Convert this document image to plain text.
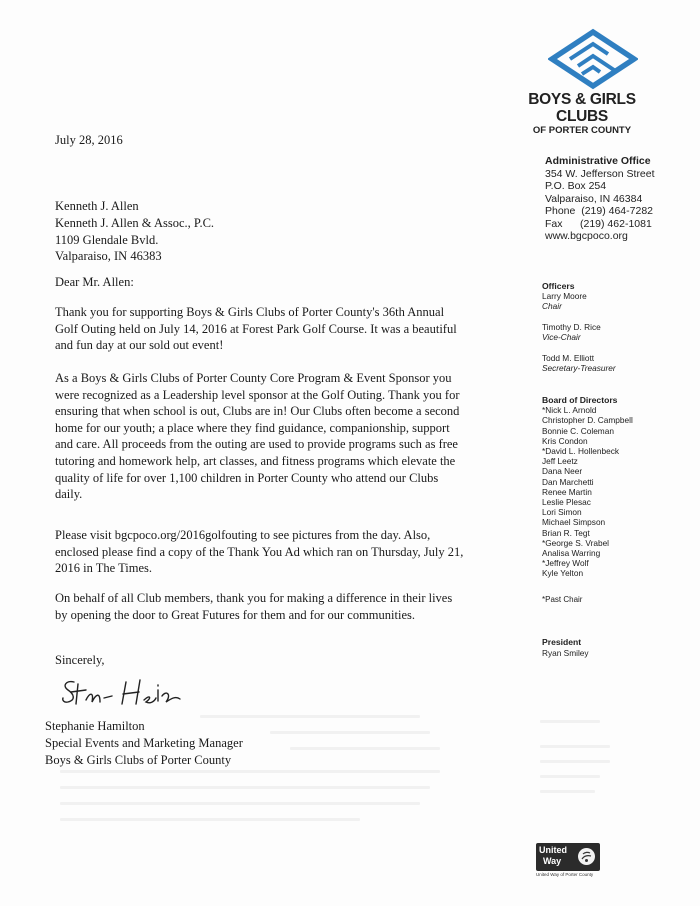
BOYS & GIRLS CLUBS
OF PORTER COUNTY
Administrative Office
354 W. Jefferson Street
P.O. Box 254
Valparaiso, IN 46384
Phone  (219) 464-7282
Fax      (219) 462-1081
www.bgcpoco.org
Officers
Larry Moore
Chair
Timothy D. Rice
Vice-Chair
Todd M. Elliott
Secretary-Treasurer
Board of Directors
*Nick L. Arnold
Christopher D. Campbell
Bonnie C. Coleman
Kris Condon
*David L. Hollenbeck
Jeff Leetz
Dana Neer
Dan Marchetti
Renee Martin
Leslie Plesac
Lori Simon
Michael Simpson
Brian R. Tegt
*George S. Vrabel
Analisa Warring
*Jeffrey Wolf
Kyle Yelton
*Past Chair
President
Ryan Smiley
July 28, 2016
Kenneth J. Allen
Kenneth J. Allen & Assoc., P.C.
1109 Glendale Bvld.
Valparaiso, IN 46383
Dear Mr. Allen:

Thank you for supporting Boys & Girls Clubs of Porter County's 36th Annual Golf Outing held on July 14, 2016 at Forest Park Golf Course. It was a beautiful and fun day at our sold out event!

As a Boys & Girls Clubs of Porter County Core Program & Event Sponsor you were recognized as a Leadership level sponsor at the Golf Outing. Thank you for ensuring that when school is out, Clubs are in! Our Clubs often become a second home for our youth; a place where they find guidance, companionship, support and care. All proceeds from the outing are used to provide programs such as free tutoring and homework help, art classes, and fitness programs which elevate the quality of life for over 1,100 children in Porter County who attend our Clubs daily.

Please visit bgcpoco.org/2016golfouting to see pictures from the day. Also, enclosed please find a copy of the Thank You Ad which ran on Thursday, July 21, 2016 in The Times.

On behalf of all Club members, thank you for making a difference in their lives by opening the door to Great Futures for them and for our communities.

Sincerely,
Stephanie Hamilton
Special Events and Marketing Manager
Boys & Girls Clubs of Porter County
United
Way
United Way of Porter County
